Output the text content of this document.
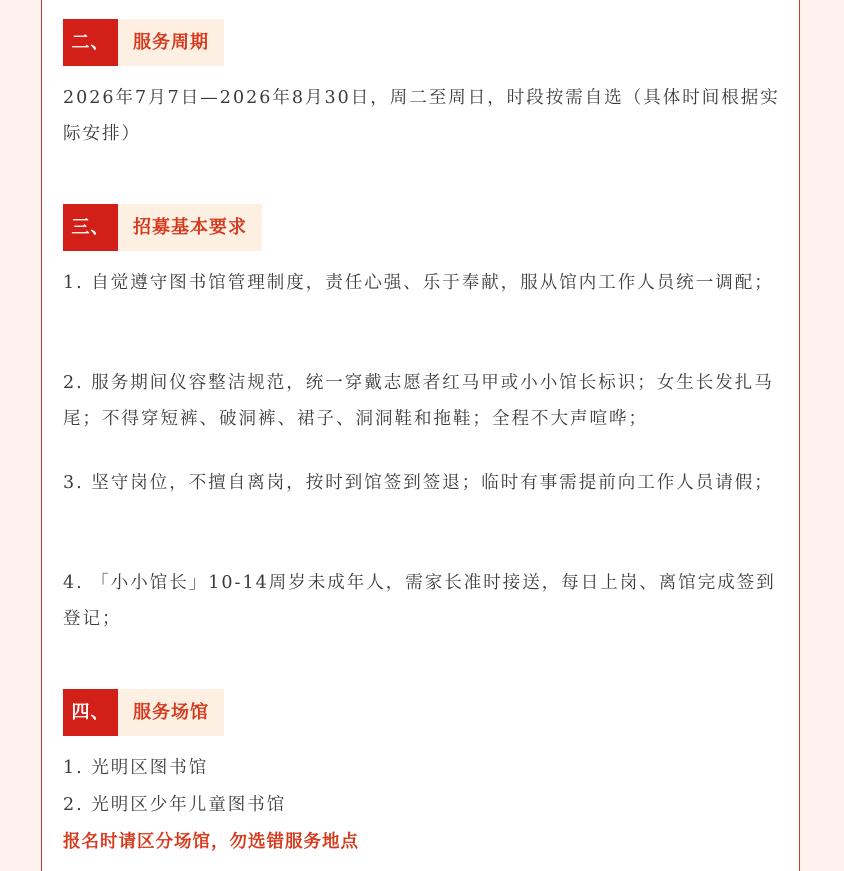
二、	服务周期

2026年7月7日—2026年8月30日，周二至周日，时段按需自选（具体时间根据实际安排）

三、	招募基本要求

1. 自觉遵守图书馆管理制度，责任心强、乐于奉献，服从馆内工作人员统一调配；

2. 服务期间仪容整洁规范，统一穿戴志愿者红马甲或小小馆长标识；女生长发扎马尾；不得穿短裤、破洞裤、裙子、洞洞鞋和拖鞋；全程不大声喧哗；

3. 坚守岗位，不擅自离岗，按时到馆签到签退；临时有事需提前向工作人员请假；

4. 「小小馆长」10-14周岁未成年人，需家长准时接送，每日上岗、离馆完成签到登记；

四、	服务场馆

1. 光明区图书馆

2. 光明区少年儿童图书馆

报名时请区分场馆，勿选错服务地点
